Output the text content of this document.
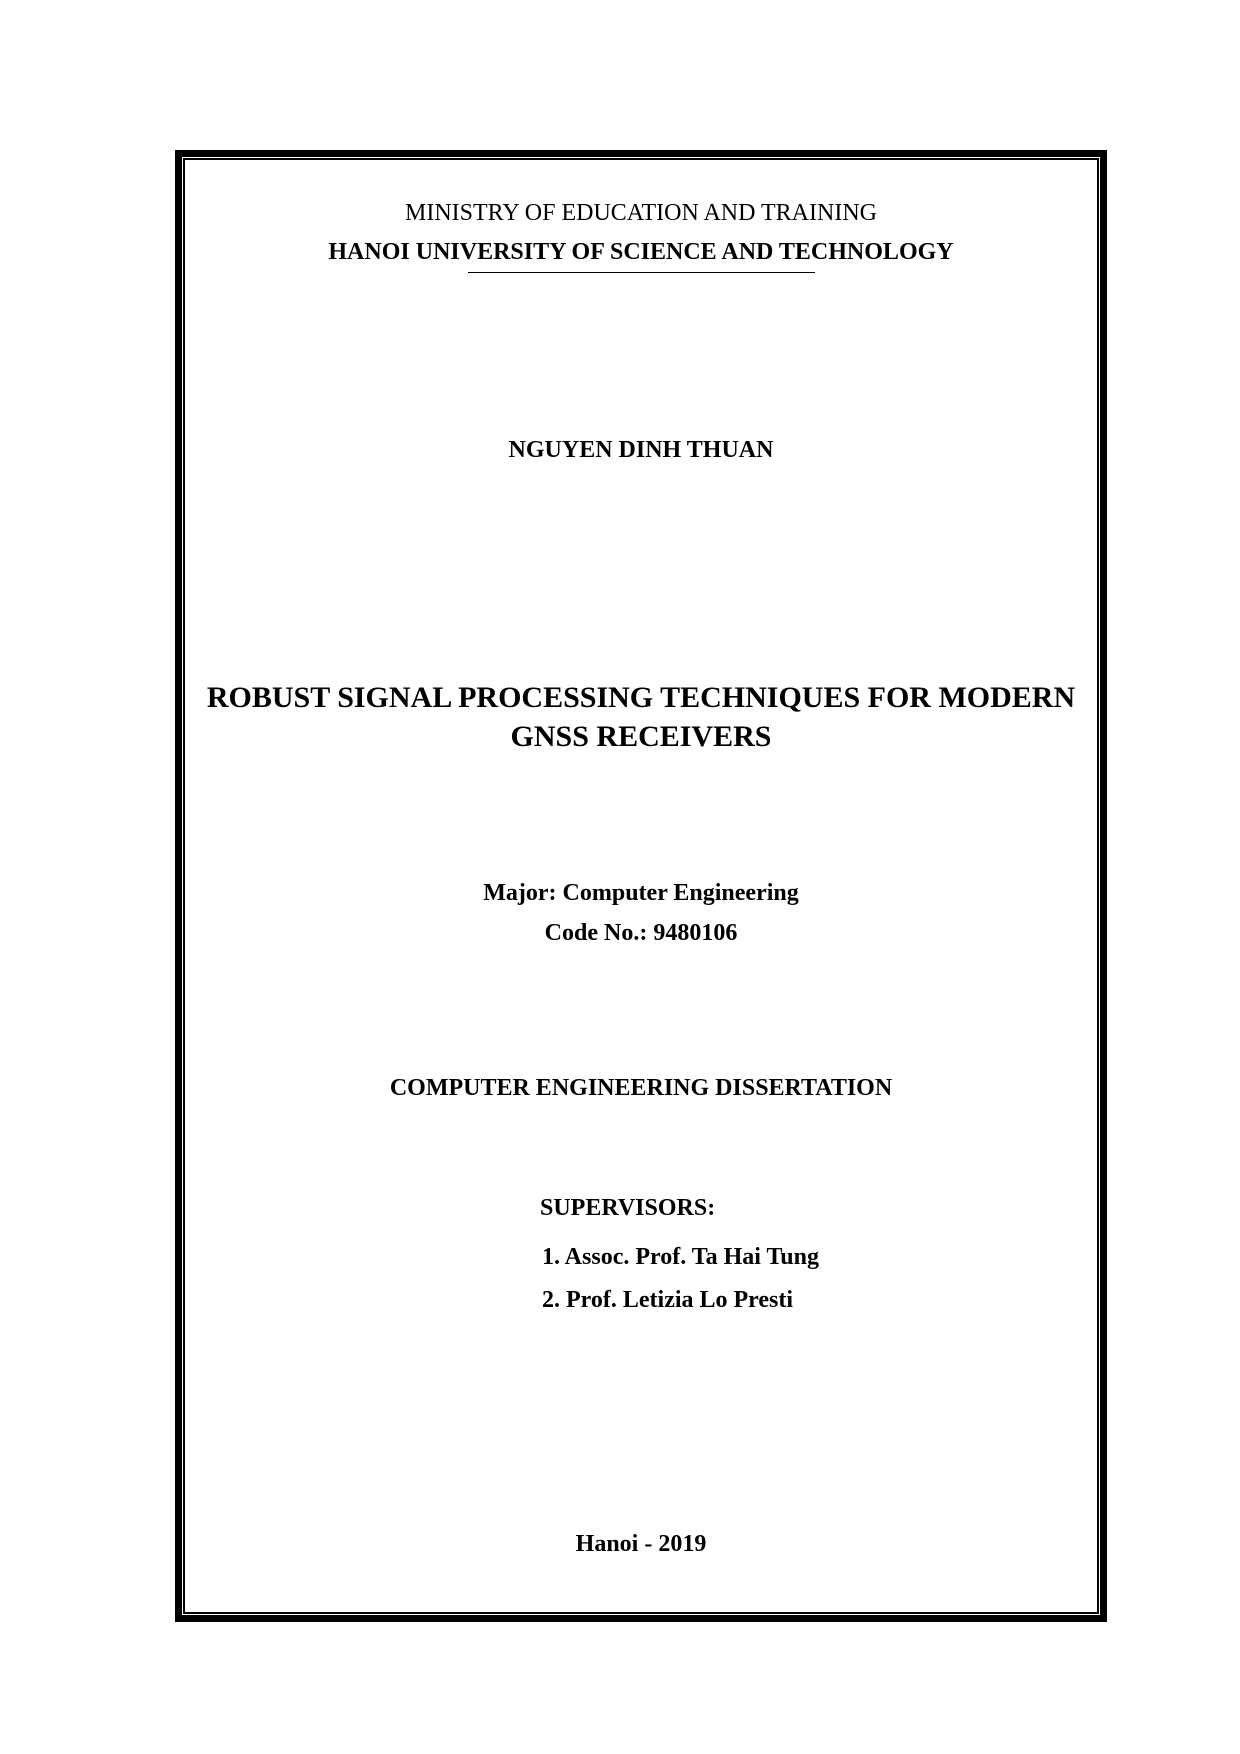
MINISTRY OF EDUCATION AND TRAINING
HANOI UNIVERSITY OF SCIENCE AND TECHNOLOGY
NGUYEN DINH THUAN
ROBUST SIGNAL PROCESSING TECHNIQUES FOR MODERN
GNSS RECEIVERS
Major: Computer Engineering
Code No.: 9480106
COMPUTER ENGINEERING DISSERTATION
SUPERVISORS:
1. Assoc. Prof. Ta Hai Tung
2. Prof. Letizia Lo Presti
Hanoi - 2019
